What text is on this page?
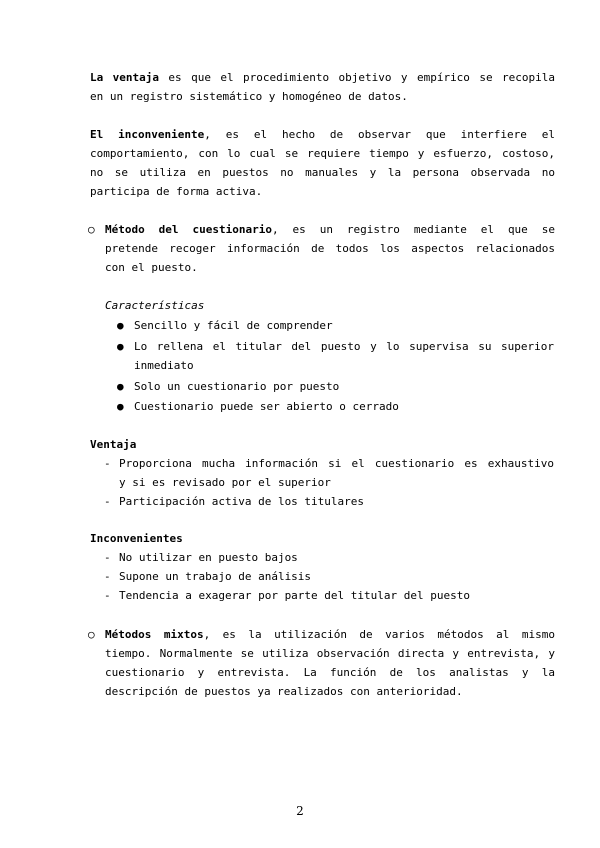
La ventaja es que el procedimiento objetivo y empírico se recopila
en un registro sistemático y homogéneo de datos.
El inconveniente, es el hecho de observar que interfiere el
comportamiento, con lo cual se requiere tiempo y esfuerzo, costoso,
no se utiliza en puestos no manuales y la persona observada no
participa de forma activa.
○ Método del cuestionario, es un registro mediante el que se
pretende recoger información de todos los aspectos relacionados
con el puesto.
Características
● Sencillo y fácil de comprender
● Lo rellena el titular del puesto y lo supervisa su superior
inmediato
● Solo un cuestionario por puesto
● Cuestionario puede ser abierto o cerrado
Ventaja
- Proporciona mucha información si el cuestionario es exhaustivo
y si es revisado por el superior
- Participación activa de los titulares
Inconvenientes
- No utilizar en puesto bajos
- Supone un trabajo de análisis
- Tendencia a exagerar por parte del titular del puesto
○ Métodos mixtos, es la utilización de varios métodos al mismo
tiempo. Normalmente se utiliza observación directa y entrevista, y
cuestionario y entrevista. La función de los analistas y la
descripción de puestos ya realizados con anterioridad.
2
